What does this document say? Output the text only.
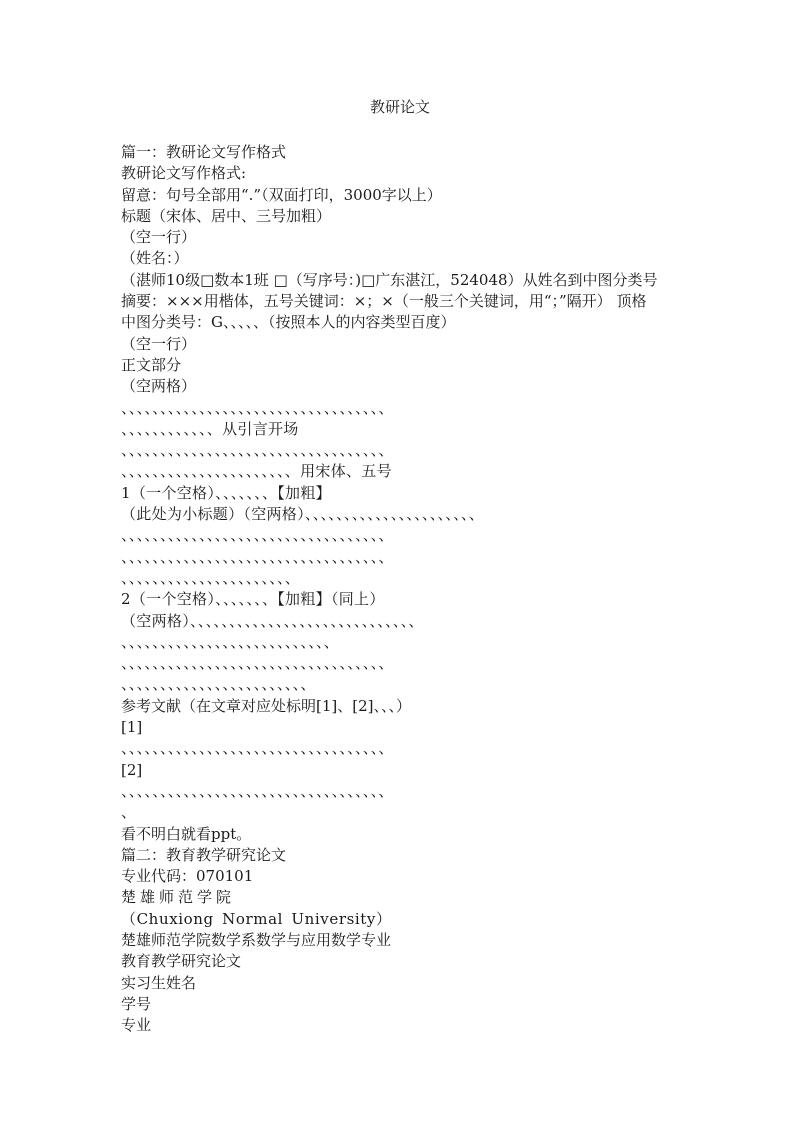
教研论文
篇一：教研论文写作格式
教研论文写作格式:
留意：句号全部用“.”（双面打印，3000字以上）
标题（宋体、居中、三号加粗）
（空一行）
（姓名：）
（湛师10级□数本1班 □（写序号：)□广东湛江，524048）从姓名到中图分类号
摘要：×××用楷体，五号关键词：×；×（一般三个关键词，用“；”隔开） 顶格
中图分类号：G、、、、、（按照本人的内容类型百度）
（空一行）
正文部分
（空两格）
、、、、、、、、、、、、、、、、、、、、、、、、、、、、、、、、、、
、、、、、、、、、、、、从引言开场
、、、、、、、、、、、、、、、、、、、、、、、、、、、、、、、、、、
、、、、、、、、、、、、、、、、、、、、、、用宋体、五号
1（一个空格）、、、、、、、【加粗】
（此处为小标题）（空两格）、、、、、、、、、、、、、、、、、、、、、、
、、、、、、、、、、、、、、、、、、、、、、、、、、、、、、、、、、
、、、、、、、、、、、、、、、、、、、、、、、、、、、、、、、、、、
、、、、、、、、、、、、、、、、、、、、、、
2（一个空格）、、、、、、、【加粗】（同上）
（空两格）、、、、、、、、、、、、、、、、、、、、、、、、、、、、、
、、、、、、、、、、、、、、、、、、、、、、、、、、、
、、、、、、、、、、、、、、、、、、、、、、、、、、、、、、、、、、
、、、、、、、、、、、、、、、、、、、、、、、、
参考文献（在文章对应处标明[1]、[2]、、、）
[1]
、、、、、、、、、、、、、、、、、、、、、、、、、、、、、、、、、、
[2]
、、、、、、、、、、、、、、、、、、、、、、、、、、、、、、、、、、
、
看不明白就看ppt。
篇二：教育教学研究论文
专业代码：070101
楚雄师范学院
（Chuxiong Normal University）
楚雄师范学院数学系数学与应用数学专业
教育教学研究论文
实习生姓名
学号
专业
